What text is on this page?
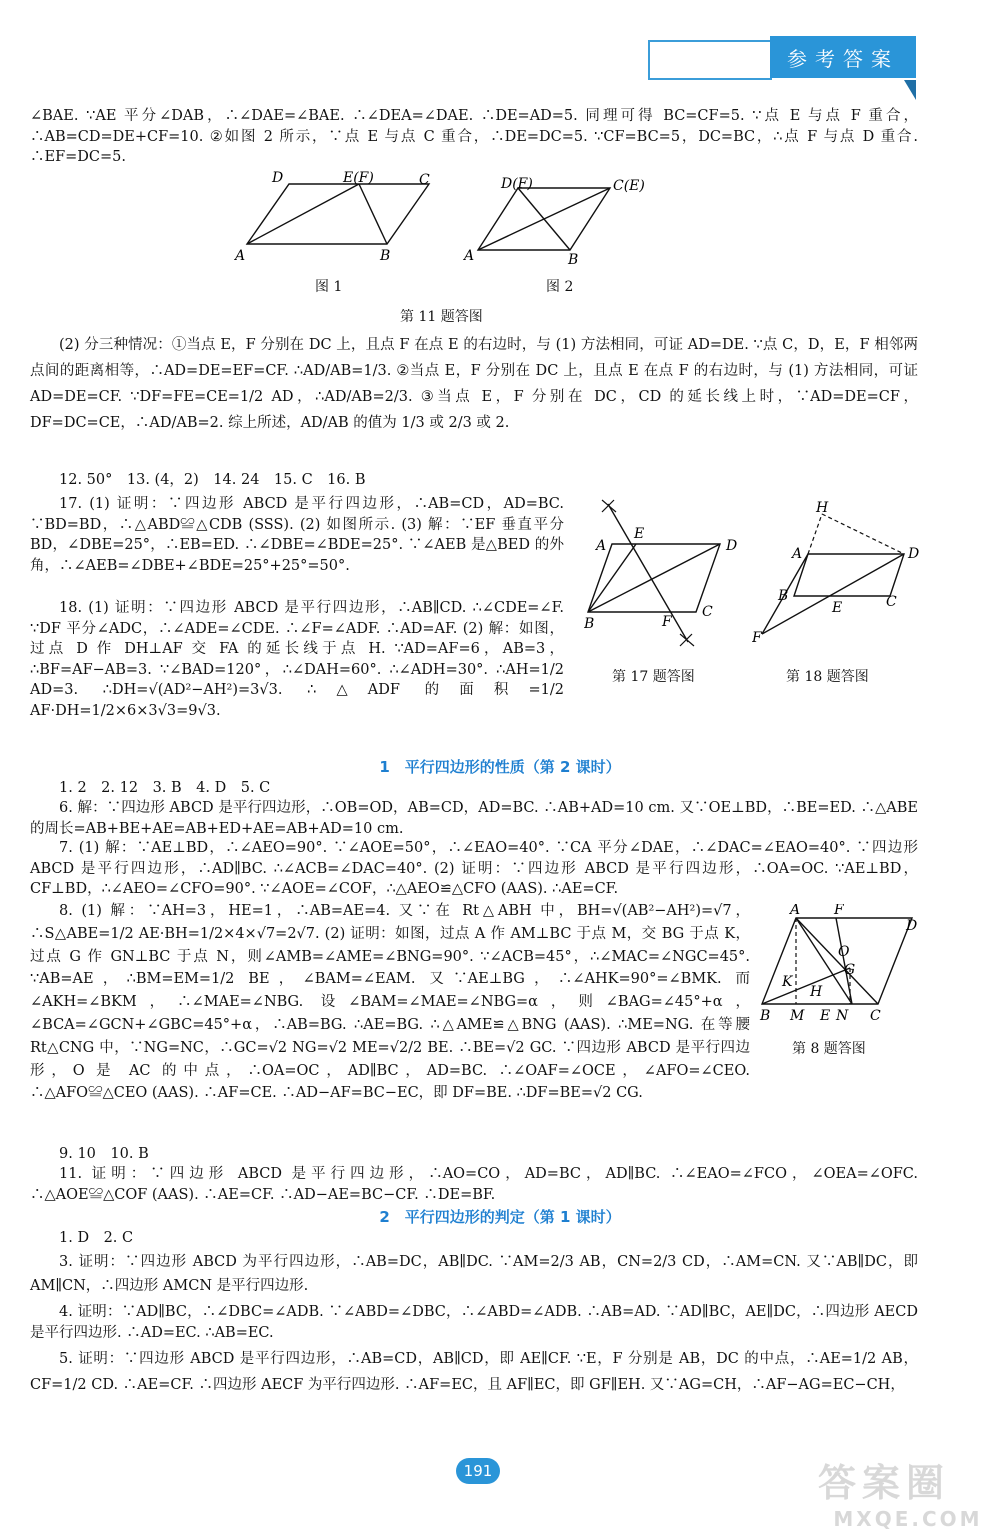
参考答案
∠BAE. ∵AE 平分∠DAB，∴∠DAE=∠BAE. ∴∠DEA=∠DAE. ∴DE=AD=5. 同理可得 BC=CF=5. ∵点 E 与点 F 重合，∴AB=CD=DE+CF=10. ②如图 2 所示，∵点 E 与点 C 重合，∴DE=DC=5. ∵CF=BC=5，DC=BC，∴点 F 与点 D 重合. ∴EF=DC=5.
A	B
C
D	E(F)
图 1
A	B
D(F)	C(E)
图 2
第 11 题答图
(2) 分三种情况：①当点 E，F 分别在 DC 上，且点 F 在点 E 的右边时，与 (1) 方法相同，可证 AD=DE. ∵点 C，D，E，F 相邻两点间的距离相等，∴AD=DE=EF=CF. ∴AD/AB=1/3. ②当点 E，F 分别在 DC 上，且点 E 在点 F 的右边时，与 (1) 方法相同，可证 AD=DE=CF. ∵DF=FE=CE=1/2 AD，∴AD/AB=2/3. ③当点 E，F 分别在 DC，CD 的延长线上时，∵AD=DE=CF，DF=DC=CE，∴AD/AB=2. 综上所述，AD/AB 的值为 1/3 或 2/3 或 2.
12. 50°　13. (4，2)　14. 24　15. C　16. B
17. (1) 证明：∵四边形 ABCD 是平行四边形，∴AB=CD，AD=BC. ∵BD=BD，∴△ABD≌△CDB (SSS). (2) 如图所示. (3) 解：∵EF 垂直平分 BD，∠DBE=25°，∴EB=ED. ∴∠DBE=∠BDE=25°. ∵∠AEB 是△BED 的外角，∴∠AEB=∠DBE+∠BDE=25°+25°=50°.
18. (1) 证明：∵四边形 ABCD 是平行四边形，∴AB∥CD. ∴∠CDE=∠F. ∵DF 平分∠ADC，∴∠ADE=∠CDE. ∴∠F=∠ADF. ∴AD=AF. (2) 解：如图，过点 D 作 DH⊥AF 交 FA 的延长线于点 H. ∵AD=AF=6，AB=3，∴BF=AF−AB=3. ∵∠BAD=120°，∴∠DAH=60°. ∴∠ADH=30°. ∴AH=1/2 AD=3. ∴DH=√(AD²−AH²)=3√3. ∴△ADF 的面积=1/2 AF·DH=1/2×6×3√3=9√3.
A
B
C
D
E
F
第 17 题答图
H
A	D
B
E	C
F
第 18 题答图
1　平行四边形的性质（第 2 课时）
1. 2　2. 12　3. B　4. D　5. C
6. 解：∵四边形 ABCD 是平行四边形，∴OB=OD，AB=CD，AD=BC. ∴AB+AD=10 cm. 又∵OE⊥BD，∴BE=ED. ∴△ABE 的周长=AB+BE+AE=AB+ED+AE=AB+AD=10 cm.
7. (1) 解：∵AE⊥BD，∴∠AEO=90°. ∵∠AOE=50°，∴∠EAO=40°. ∵CA 平分∠DAE，∴∠DAC=∠EAO=40°. ∵四边形 ABCD 是平行四边形，∴AD∥BC. ∴∠ACB=∠DAC=40°. (2) 证明：∵四边形 ABCD 是平行四边形，∴OA=OC. ∵AE⊥BD，CF⊥BD，∴∠AEO=∠CFO=90°. ∵∠AOE=∠COF，∴△AEO≌△CFO (AAS). ∴AE=CF.
8. (1) 解：∵AH=3，HE=1，∴AB=AE=4. 又∵在 Rt△ABH 中，BH=√(AB²−AH²)=√7，∴S△ABE=1/2 AE·BH=1/2×4×√7=2√7. (2) 证明：如图，过点 A 作 AM⊥BC 于点 M，交 BG 于点 K，过点 G 作 GN⊥BC 于点 N，则∠AMB=∠AME=∠BNG=90°. ∵∠ACB=45°，∴∠MAC=∠NGC=45°. ∵AB=AE，∴BM=EM=1/2 BE，∠BAM=∠EAM. 又∵AE⊥BG，∴∠AHK=90°=∠BMK. 而∠AKH=∠BKM，∴∠MAE=∠NBG. 设∠BAM=∠MAE=∠NBG=α，则∠BAG=∠45°+α，∠BCA=∠GCN+∠GBC=45°+α，∴AB=BG. ∴AE=BG. ∴△AME≌△BNG (AAS). ∴ME=NG. 在等腰 Rt△CNG 中，∵NG=NC，∴GC=√2 NG=√2 ME=√2/2 BE. ∴BE=√2 GC. ∵四边形 ABCD 是平行四边形，O 是 AC 的中点，∴OA=OC，AD∥BC，AD=BC. ∴∠OAF=∠OCE，∠AFO=∠CEO. ∴△AFO≌△CEO (AAS). ∴AF=CE. ∴AD−AF=BC−EC，即 DF=BE. ∴DF=BE=√2 CG.
A F
D
O
G
K
H
B M E N C
第 8 题答图
9. 10　10. B
11. 证明：∵四边形 ABCD 是平行四边形，∴AO=CO，AD=BC，AD∥BC. ∴∠EAO=∠FCO，∠OEA=∠OFC. ∴△AOE≌△COF (AAS). ∴AE=CF. ∴AD−AE=BC−CF. ∴DE=BF.
2　平行四边形的判定（第 1 课时）
1. D　2. C
3. 证明：∵四边形 ABCD 为平行四边形，∴AB=DC，AB∥DC. ∵AM=2/3 AB，CN=2/3 CD，∴AM=CN. 又∵AB∥DC，即 AM∥CN，∴四边形 AMCN 是平行四边形.
4. 证明：∵AD∥BC，∴∠DBC=∠ADB. ∵∠ABD=∠DBC，∴∠ABD=∠ADB. ∴AB=AD. ∵AD∥BC，AE∥DC，∴四边形 AECD 是平行四边形. ∴AD=EC. ∴AB=EC.
5. 证明：∵四边形 ABCD 是平行四边形，∴AB=CD，AB∥CD，即 AE∥CF. ∵E，F 分别是 AB，DC 的中点，∴AE=1/2 AB，CF=1/2 CD. ∴AE=CF. ∴四边形 AECF 为平行四边形. ∴AF=EC，且 AF∥EC，即 GF∥EH. 又∵AG=CH，∴AF−AG=EC−CH，
191	答案圈
MXQE.COM
